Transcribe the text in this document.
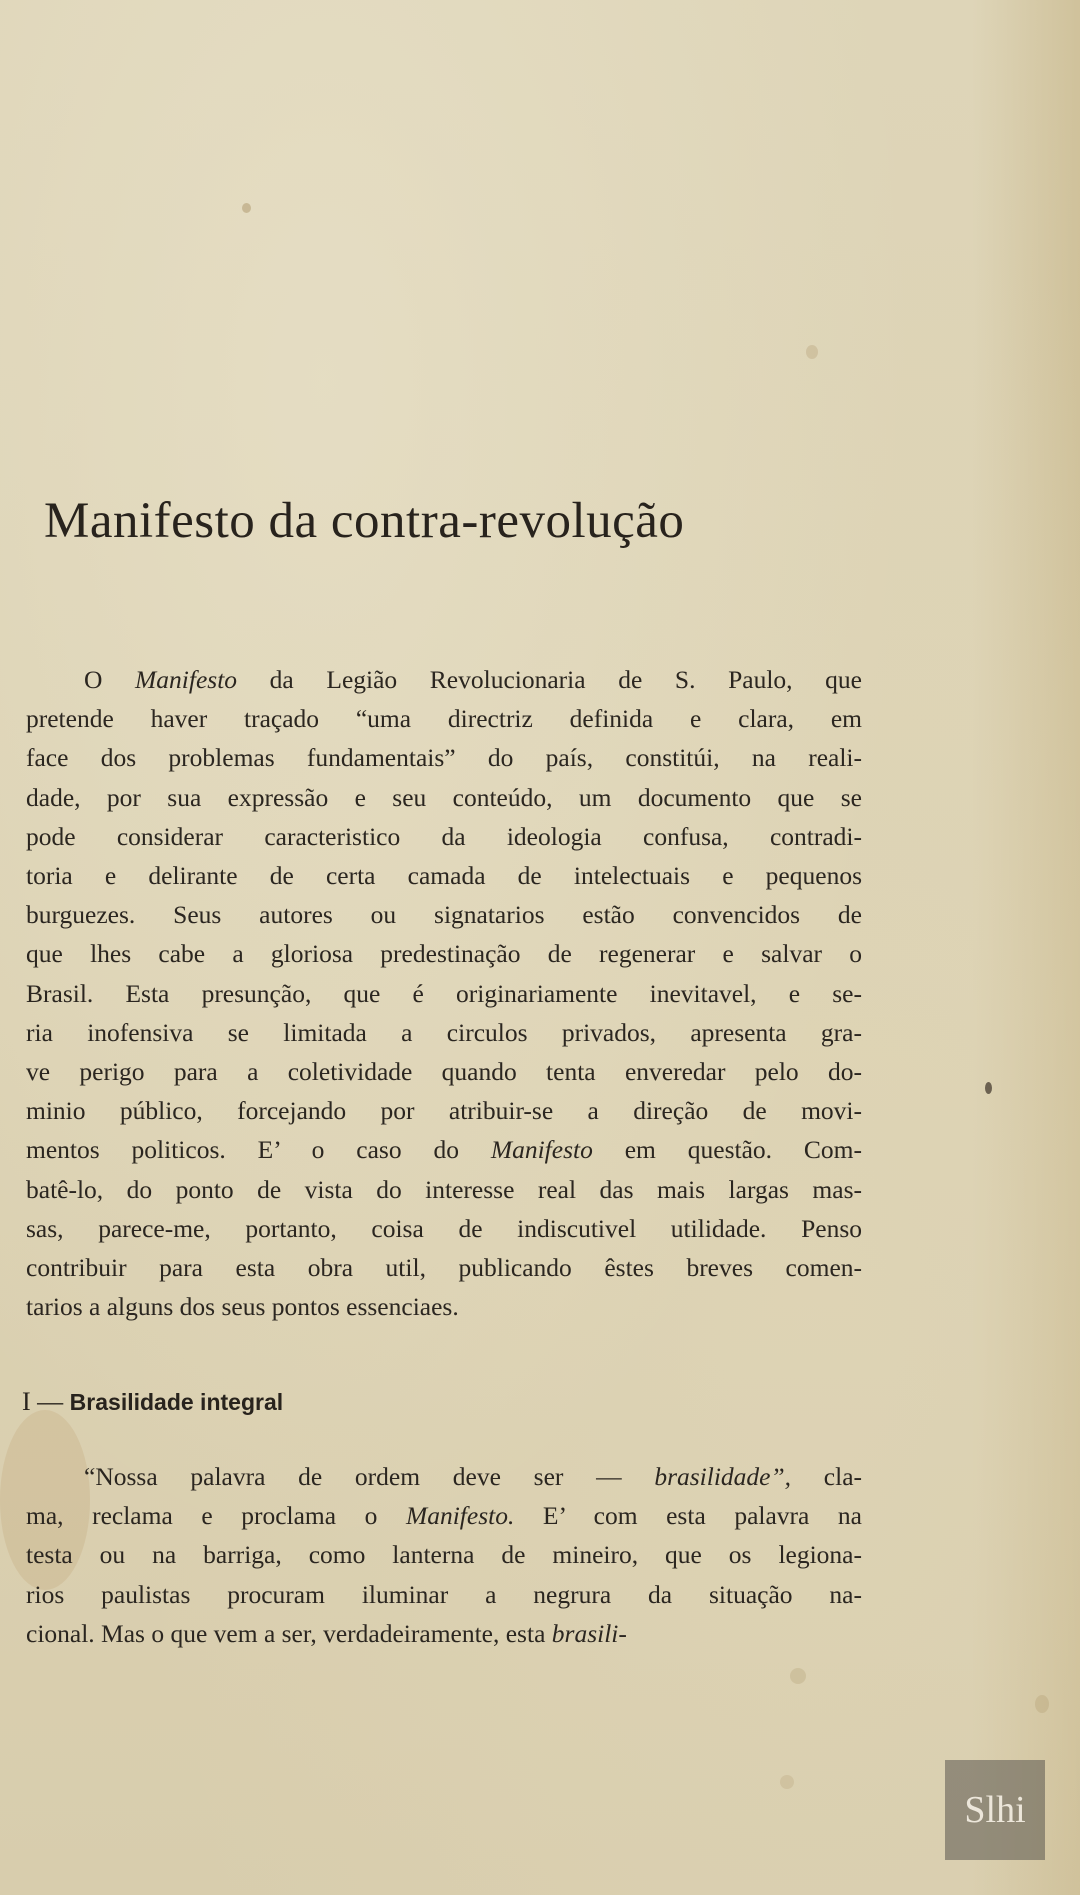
Manifesto da contra-revolução
O Manifesto da Legião Revolucionaria de S. Paulo, que
pretende haver traçado “uma directriz definida e clara, em
face dos problemas fundamentais” do país, constitúi, na reali-
dade, por sua expressão e seu conteúdo, um documento que se
pode considerar caracteristico da ideologia confusa, contradi-
toria e delirante de certa camada de intelectuais e pequenos
burguezes. Seus autores ou signatarios estão convencidos de
que lhes cabe a gloriosa predestinação de regenerar e salvar o
Brasil. Esta presunção, que é originariamente inevitavel, e se-
ria inofensiva se limitada a circulos privados, apresenta gra-
ve perigo para a coletividade quando tenta enveredar pelo do-
minio público, forcejando por atribuir-se a direção de movi-
mentos politicos. E’ o caso do Manifesto em questão. Com-
batê-lo, do ponto de vista do interesse real das mais largas mas-
sas, parece-me, portanto, coisa de indiscutivel utilidade. Penso
contribuir para esta obra util, publicando êstes breves comen-
tarios a alguns dos seus pontos essenciaes.
“Nossa palavra de ordem deve ser — brasilidade”, cla-
ma, reclama e proclama o Manifesto. E’ com esta palavra na
testa ou na barriga, como lanterna de mineiro, que os legiona-
rios paulistas procuram iluminar a negrura da situação na-
cional. Mas o que vem a ser, verdadeiramente, esta brasili-
I — Brasilidade integral
Slhi
